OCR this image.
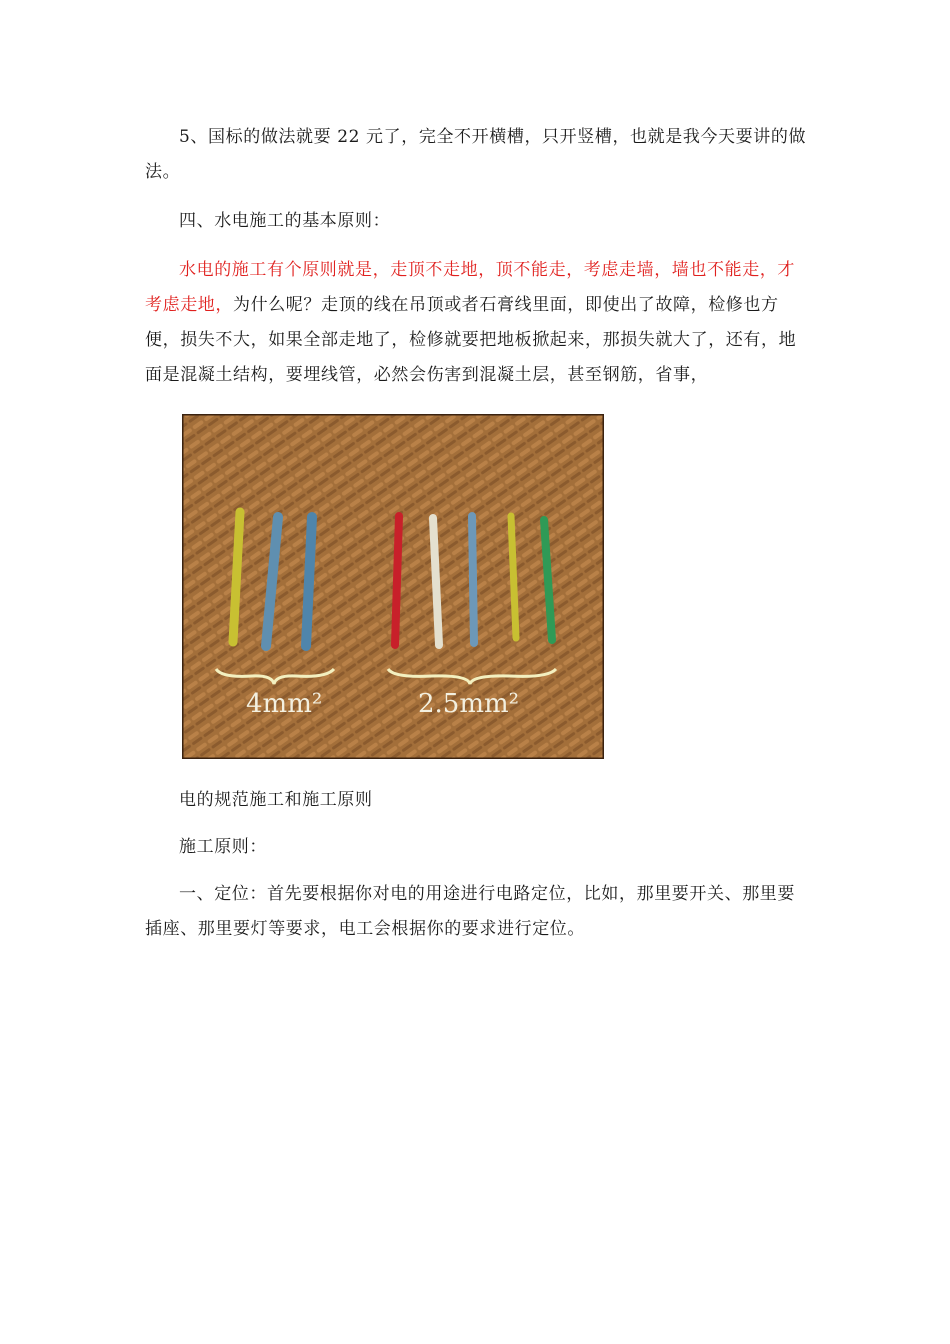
5、国标的做法就要 22 元了，完全不开横槽，只开竖槽，也就是我今天要讲的做法。

四、水电施工的基本原则：

水电的施工有个原则就是，走顶不走地，顶不能走，考虑走墙，墙也不能走，才考虑走地，为什么呢？走顶的线在吊顶或者石膏线里面，即使出了故障，检修也方便，损失不大，如果全部走地了，检修就要把地板掀起来，那损失就大了，还有，地面是混凝土结构，要埋线管，必然会伤害到混凝土层，甚至钢筋，省事，

4mm²	2.5mm²

电的规范施工和施工原则

施工原则：

一、定位：首先要根据你对电的用途进行电路定位，比如，那里要开关、那里要插座、那里要灯等要求，电工会根据你的要求进行定位。
